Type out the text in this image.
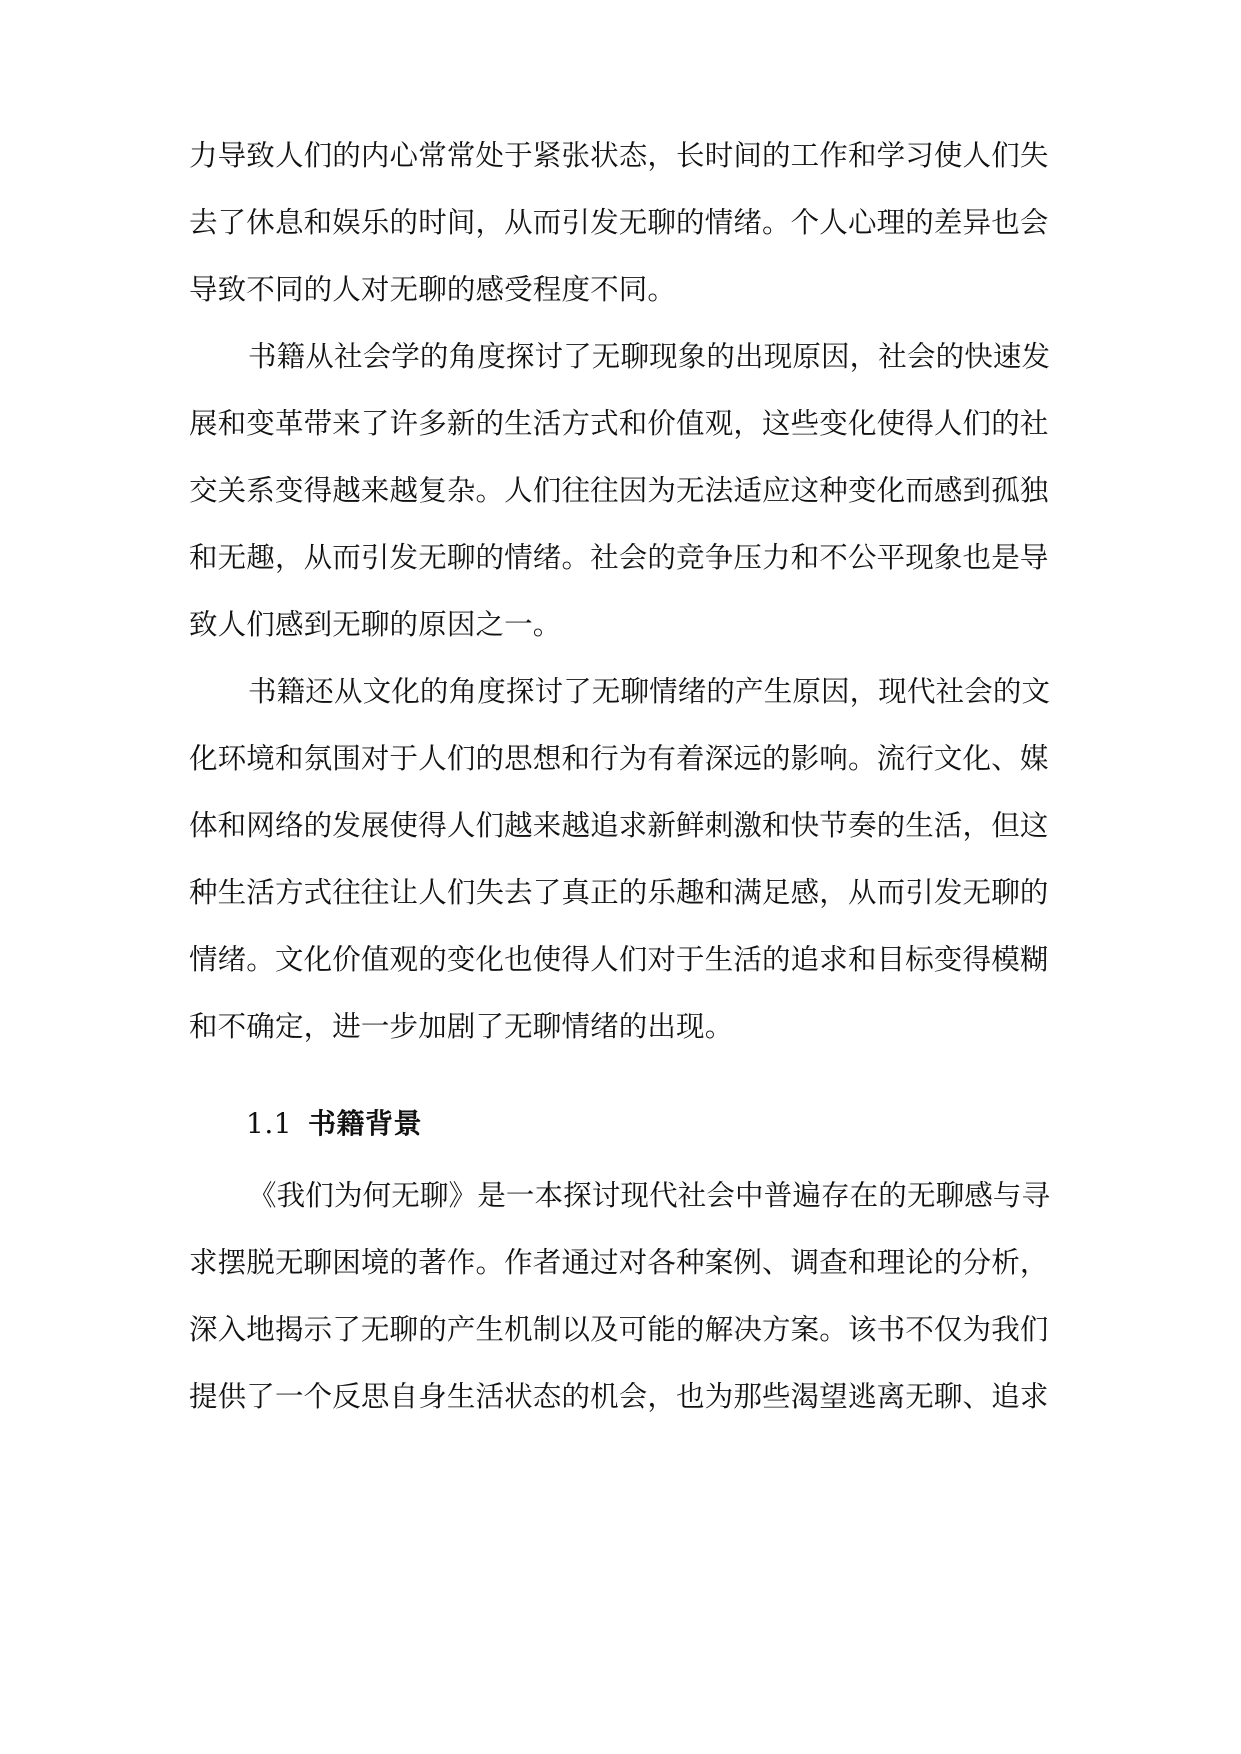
力导致人们的内心常常处于紧张状态，长时间的工作和学习使人们失
去了休息和娱乐的时间，从而引发无聊的情绪。个人心理的差异也会
导致不同的人对无聊的感受程度不同。
书籍从社会学的角度探讨了无聊现象的出现原因，社会的快速发
展和变革带来了许多新的生活方式和价值观，这些变化使得人们的社
交关系变得越来越复杂。人们往往因为无法适应这种变化而感到孤独
和无趣，从而引发无聊的情绪。社会的竞争压力和不公平现象也是导
致人们感到无聊的原因之一。
书籍还从文化的角度探讨了无聊情绪的产生原因，现代社会的文
化环境和氛围对于人们的思想和行为有着深远的影响。流行文化、媒
体和网络的发展使得人们越来越追求新鲜刺激和快节奏的生活，但这
种生活方式往往让人们失去了真正的乐趣和满足感，从而引发无聊的
情绪。文化价值观的变化也使得人们对于生活的追求和目标变得模糊
和不确定，进一步加剧了无聊情绪的出现。
1.1 书籍背景
《我们为何无聊》是一本探讨现代社会中普遍存在的无聊感与寻
求摆脱无聊困境的著作。作者通过对各种案例、调查和理论的分析，
深入地揭示了无聊的产生机制以及可能的解决方案。该书不仅为我们
提供了一个反思自身生活状态的机会，也为那些渴望逃离无聊、追求
